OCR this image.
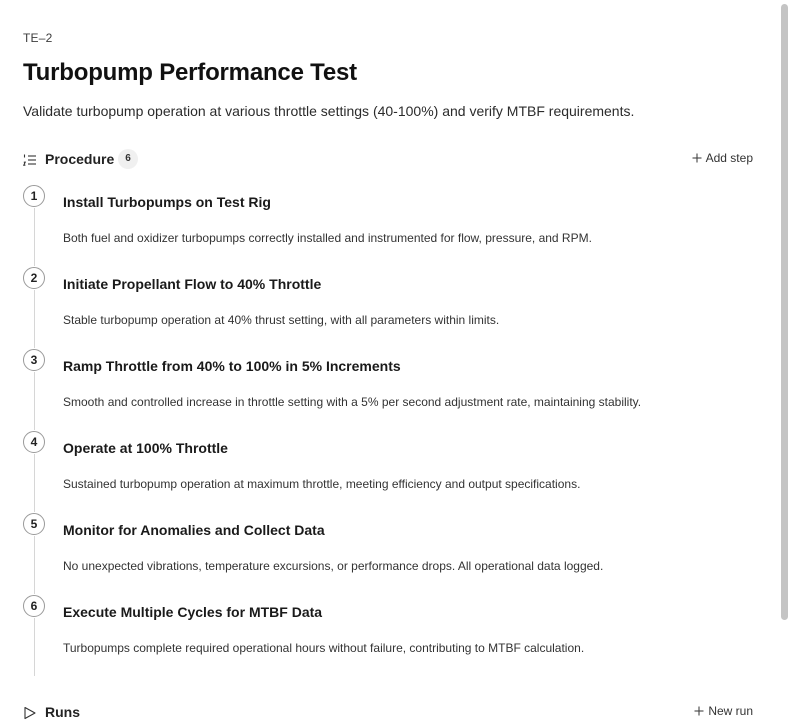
TE–2
Turbopump Performance Test
Validate turbopump operation at various throttle settings (40-100%) and verify MTBF requirements.
Procedure	6	Add step
1	Install Turbopumps on Test Rig
Both fuel and oxidizer turbopumps correctly installed and instrumented for flow, pressure, and RPM.
2	Initiate Propellant Flow to 40% Throttle
Stable turbopump operation at 40% thrust setting, with all parameters within limits.
3	Ramp Throttle from 40% to 100% in 5% Increments
Smooth and controlled increase in throttle setting with a 5% per second adjustment rate, maintaining stability.
4	Operate at 100% Throttle
Sustained turbopump operation at maximum throttle, meeting efficiency and output specifications.
5	Monitor for Anomalies and Collect Data
No unexpected vibrations, temperature excursions, or performance drops. All operational data logged.
6	Execute Multiple Cycles for MTBF Data
Turbopumps complete required operational hours without failure, contributing to MTBF calculation.
Runs	New run
